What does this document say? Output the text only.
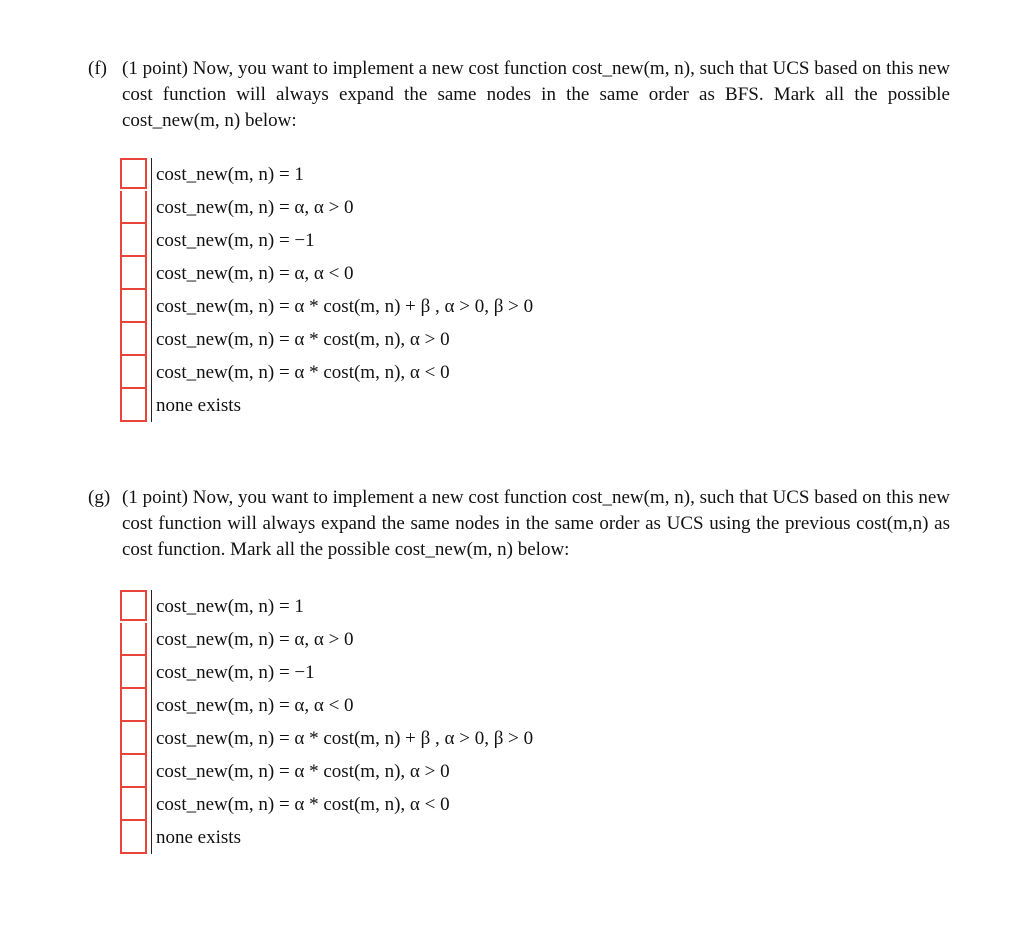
(f) (1 point) Now, you want to implement a new cost function cost_new(m, n), such that UCS based on this new cost function will always expand the same nodes in the same order as BFS. Mark all the possible cost_new(m, n) below:
cost_new(m, n) = 1
cost_new(m, n) = α, α > 0
cost_new(m, n) = −1
cost_new(m, n) = α, α < 0
cost_new(m, n) = α * cost(m, n) + β , α > 0, β > 0
cost_new(m, n) = α * cost(m, n), α > 0
cost_new(m, n) = α * cost(m, n), α < 0
none exists
(g) (1 point) Now, you want to implement a new cost function cost_new(m, n), such that UCS based on this new cost function will always expand the same nodes in the same order as UCS using the previous cost(m,n) as cost function. Mark all the possible cost_new(m, n) below:
cost_new(m, n) = 1
cost_new(m, n) = α, α > 0
cost_new(m, n) = −1
cost_new(m, n) = α, α < 0
cost_new(m, n) = α * cost(m, n) + β , α > 0, β > 0
cost_new(m, n) = α * cost(m, n), α > 0
cost_new(m, n) = α * cost(m, n), α < 0
none exists
